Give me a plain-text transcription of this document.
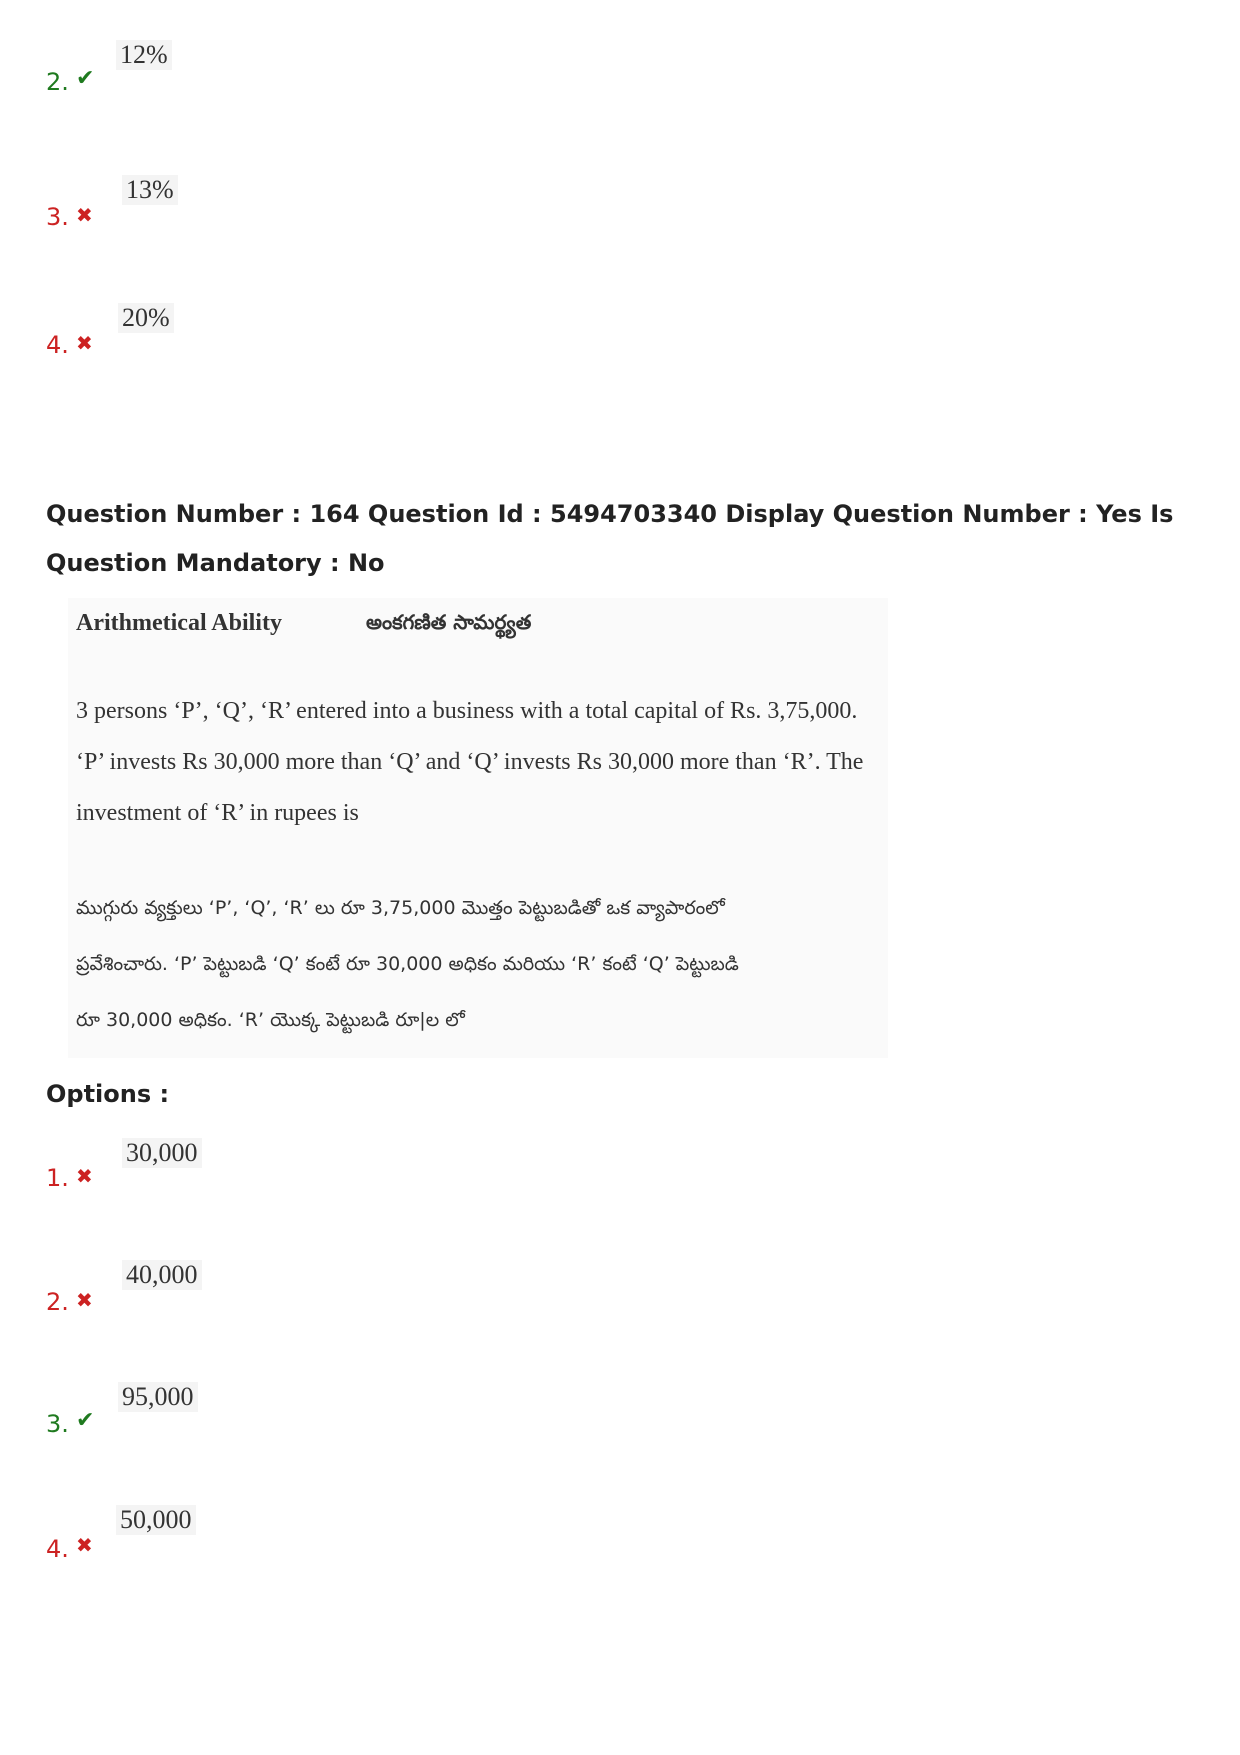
2. ✔
12%
3. ✖
13%
4. ✖
20%
Question Number : 164 Question Id : 5494703340 Display Question Number : Yes Is Question Mandatory : No
Arithmetical Ability	అంకగణిత సామర్థ్యత
3 persons ‘P’, ‘Q’, ‘R’ entered into a business with a total capital of Rs. 3,75,000.
‘P’ invests Rs 30,000 more than ‘Q’ and ‘Q’ invests Rs 30,000 more than ‘R’. The
investment of ‘R’ in rupees is
ముగ్గురు వ్యక్తులు ‘P’, ‘Q’, ‘R’ లు రూ 3,75,000 మొత్తం పెట్టుబడితో ఒక వ్యాపారంలో
ప్రవేశించారు. ‘P’ పెట్టుబడి ‘Q’ కంటే రూ 30,000 అధికం మరియు ‘R’ కంటే ‘Q’ పెట్టుబడి
రూ 30,000 అధికం. ‘R’ యొక్క పెట్టుబడి రూ|ల లో
Options :
1. ✖
30,000
2. ✖
40,000
3. ✔
95,000
4. ✖
50,000
